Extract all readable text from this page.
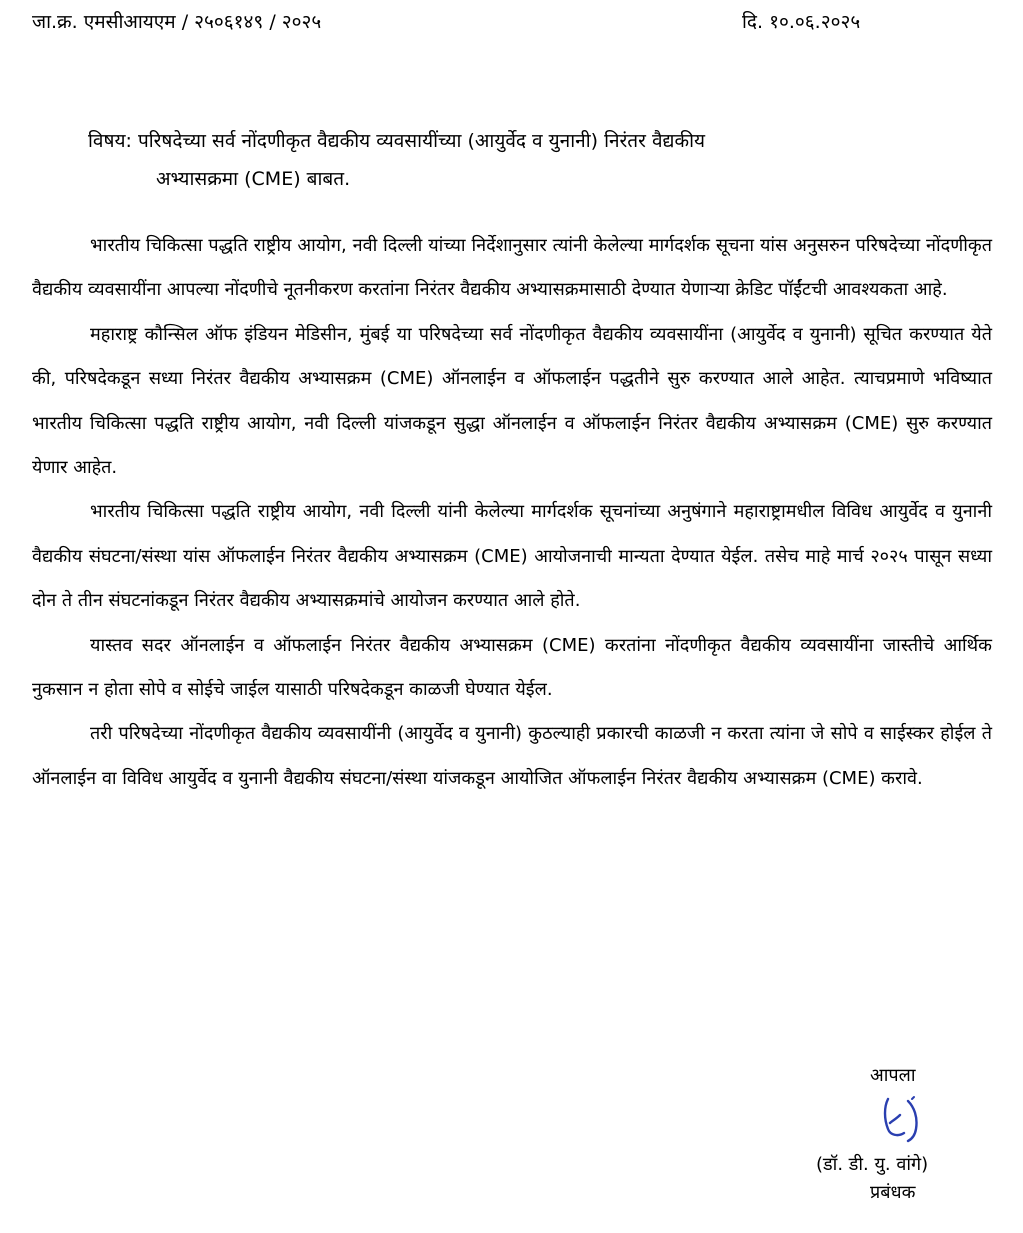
जा.क्र. एमसीआयएम / २५०६१४९ / २०२५	दि. १०.०६.२०२५
विषय: परिषदेच्या सर्व नोंदणीकृत वैद्यकीय व्यवसायींच्या (आयुर्वेद व युनानी) निरंतर वैद्यकीय
अभ्यासक्रमा (CME) बाबत.

भारतीय चिकित्सा पद्धति राष्ट्रीय आयोग, नवी दिल्ली यांच्या निर्देशानुसार त्यांनी केलेल्या मार्गदर्शक सूचना यांस अनुसरुन परिषदेच्या नोंदणीकृत वैद्यकीय व्यवसायींना आपल्या नोंदणीचे नूतनीकरण करतांना निरंतर वैद्यकीय अभ्यासक्रमासाठी देण्यात येणाऱ्या क्रेडिट पॉईंटची आवश्यकता आहे.

महाराष्ट्र कौन्सिल ऑफ इंडियन मेडिसीन, मुंबई या परिषदेच्या सर्व नोंदणीकृत वैद्यकीय व्यवसायींना (आयुर्वेद व युनानी) सूचित करण्यात येते की, परिषदेकडून सध्या निरंतर वैद्यकीय अभ्यासक्रम (CME) ऑनलाईन व ऑफलाईन पद्धतीने सुरु करण्यात आले आहेत. त्याचप्रमाणे भविष्यात भारतीय चिकित्सा पद्धति राष्ट्रीय आयोग, नवी दिल्ली यांजकडून सुद्धा ऑनलाईन व ऑफलाईन निरंतर वैद्यकीय अभ्यासक्रम (CME) सुरु करण्यात येणार आहेत.

भारतीय चिकित्सा पद्धति राष्ट्रीय आयोग, नवी दिल्ली यांनी केलेल्या मार्गदर्शक सूचनांच्या अनुषंगाने महाराष्ट्रामधील विविध आयुर्वेद व युनानी वैद्यकीय संघटना/संस्था यांस ऑफलाईन निरंतर वैद्यकीय अभ्यासक्रम (CME) आयोजनाची मान्यता देण्यात येईल. तसेच माहे मार्च २०२५ पासून सध्या दोन ते तीन संघटनांकडून निरंतर वैद्यकीय अभ्यासक्रमांचे आयोजन करण्यात आले होते.

यास्तव सदर ऑनलाईन व ऑफलाईन निरंतर वैद्यकीय अभ्यासक्रम (CME) करतांना नोंदणीकृत वैद्यकीय व्यवसायींना जास्तीचे आर्थिक नुकसान न होता सोपे व सोईचे जाईल यासाठी परिषदेकडून काळजी घेण्यात येईल.

तरी परिषदेच्या नोंदणीकृत वैद्यकीय व्यवसायींनी (आयुर्वेद व युनानी) कुठल्याही प्रकारची काळजी न करता त्यांना जे सोपे व साईस्कर होईल ते ऑनलाईन वा विविध आयुर्वेद व युनानी वैद्यकीय संघटना/संस्था यांजकडून आयोजित ऑफलाईन निरंतर वैद्यकीय अभ्यासक्रम (CME) करावे.

आपला
(डॉ. डी. यु. वांगे)
प्रबंधक
